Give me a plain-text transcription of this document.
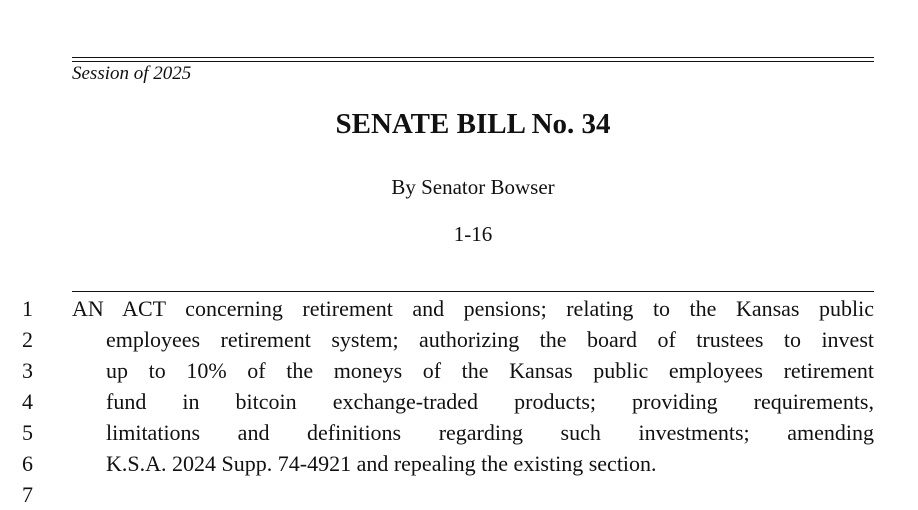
Session of 2025
SENATE BILL No. 34
By Senator Bowser
1-16
1
2
3
4
5
6
7
AN ACT concerning retirement and pensions; relating to the Kansas public
employees retirement system; authorizing the board of trustees to invest
up to 10% of the moneys of the Kansas public employees retirement
fund in bitcoin exchange-traded products; providing requirements,
limitations and definitions regarding such investments; amending
K.S.A. 2024 Supp. 74-4921 and repealing the existing section.
